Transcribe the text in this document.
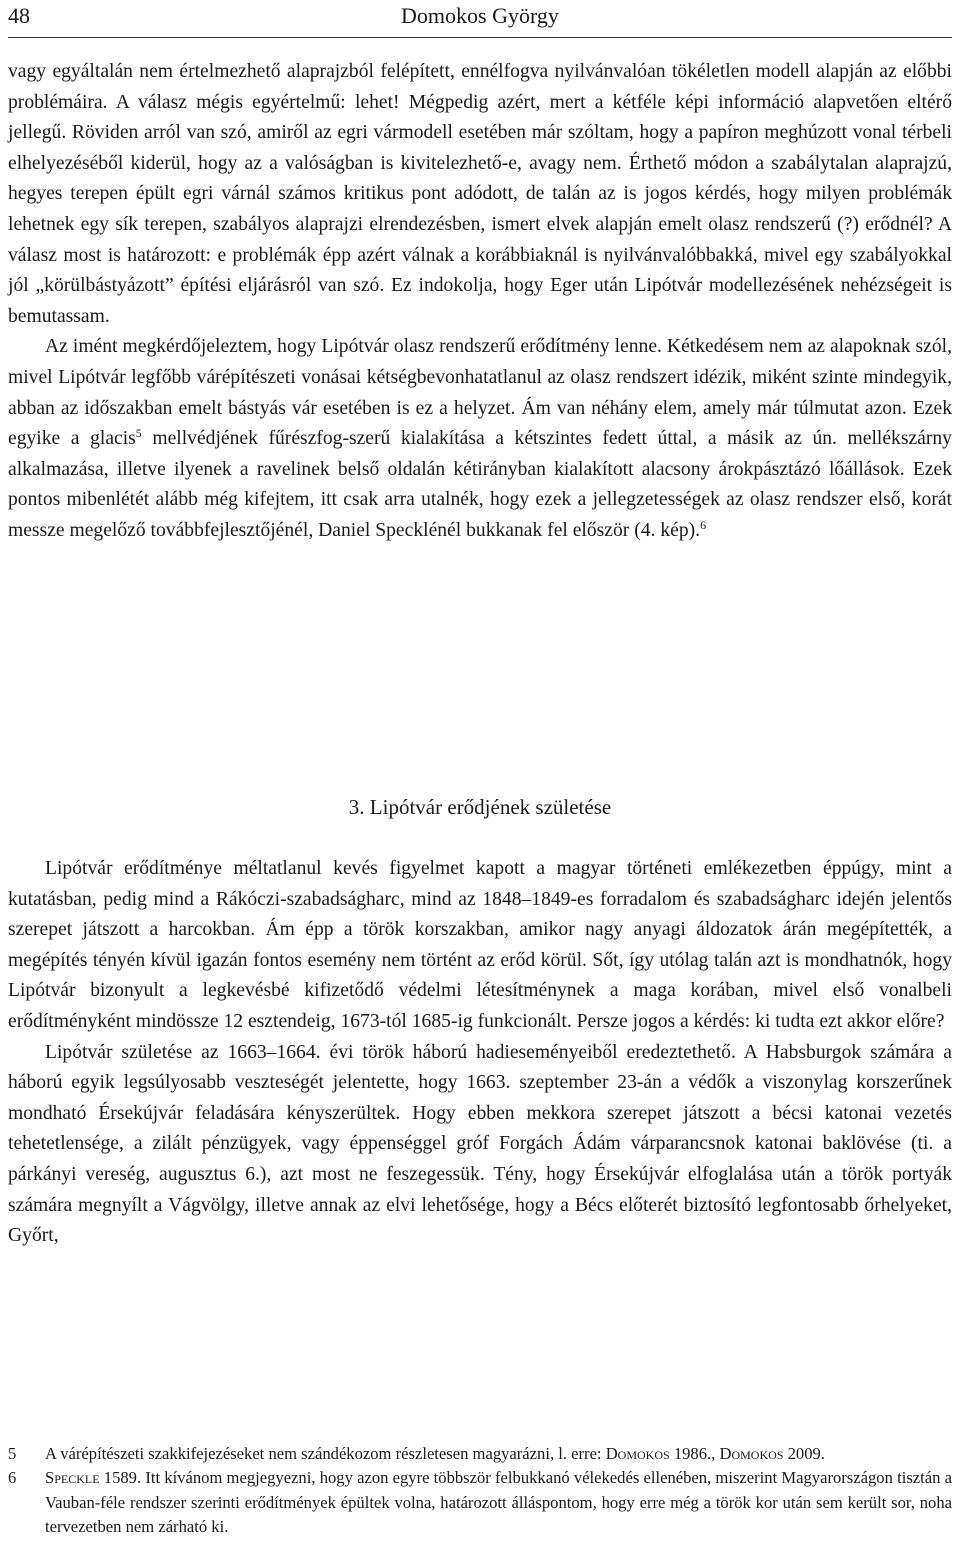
48	Domokos György

vagy egyáltalán nem értelmezhető alaprajzból felépített, ennélfogva nyilvánvalóan tökéletlen modell alapján az előbbi problémáira. A válasz mégis egyértelmű: lehet! Mégpedig azért, mert a kétféle képi információ alapvetően eltérő jellegű. Röviden arról van szó, amiről az egri vármodell esetében már szóltam, hogy a papíron meghúzott vonal térbeli elhelyezéséből kiderül, hogy az a valóságban is kivitelezhető-e, avagy nem. Érthető módon a szabálytalan alaprajzú, hegyes terepen épült egri várnál számos kritikus pont adódott, de talán az is jogos kérdés, hogy milyen problémák lehetnek egy sík terepen, szabályos alaprajzi elrendezésben, ismert elvek alapján emelt olasz rendszerű (?) erődnél? A válasz most is határozott: e problémák épp azért válnak a korábbiaknál is nyilvánvalóbbakká, mivel egy szabályokkal jól „körülbástyázott” építési eljárásról van szó. Ez indokolja, hogy Eger után Lipótvár modellezésének nehézségeit is bemutassam.

Az imént megkérdőjeleztem, hogy Lipótvár olasz rendszerű erődítmény lenne. Kétkedésem nem az alapoknak szól, mivel Lipótvár legfőbb várépítészeti vonásai kétségbevonhatatlanul az olasz rendszert idézik, miként szinte mindegyik, abban az időszakban emelt bástyás vár esetében is ez a helyzet. Ám van néhány elem, amely már túlmutat azon. Ezek egyike a glacis$^5$ mellvédjének fűrészfog-szerű kialakítása a kétszintes fedett úttal, a másik az ún. mellékszárny alkalmazása, illetve ilyenek a ravelinek belső oldalán kétirányban kialakított alacsony árokpásztázó lőállások. Ezek pontos mibenlétét alább még kifejtem, itt csak arra utalnék, hogy ezek a jellegzetességek az olasz rendszer első, korát messze megelőző továbbfejlesztőjénél, Daniel Specklénél bukkanak fel először (4. kép).$^6$

3. Lipótvár erődjének születése

Lipótvár erődítménye méltatlanul kevés figyelmet kapott a magyar történeti emlékezetben éppúgy, mint a kutatásban, pedig mind a Rákóczi-szabadságharc, mind az 1848–1849-es forradalom és szabadságharc idején jelentős szerepet játszott a harcokban. Ám épp a török korszakban, amikor nagy anyagi áldozatok árán megépítették, a megépítés tényén kívül igazán fontos esemény nem történt az erőd körül. Sőt, így utólag talán azt is mondhatnók, hogy Lipótvár bizonyult a legkevésbé kifizetődő védelmi létesítménynek a maga korában, mivel első vonalbeli erődítményként mindössze 12 esztendeig, 1673-tól 1685-ig funkcionált. Persze jogos a kérdés: ki tudta ezt akkor előre?

Lipótvár születése az 1663–1664. évi török háború hadieseményeiből eredeztethető. A Habsburgok számára a háború egyik legsúlyosabb veszteségét jelentette, hogy 1663. szeptember 23-án a védők a viszonylag korszerűnek mondható Érsekújvár feladására kényszerültek. Hogy ebben mekkora szerepet játszott a bécsi katonai vezetés tehetetlensége, a zilált pénzügyek, vagy éppenséggel gróf Forgách Ádám várparancsnok katonai baklövése (ti. a párkányi vereség, augusztus 6.), azt most ne feszegessük. Tény, hogy Érsekújvár elfoglalása után a török portyák számára megnyílt a Vágvölgy, illetve annak az elvi lehetősége, hogy a Bécs előterét biztosító legfontosabb őrhelyeket, Győrt,

5 A várépítészeti szakkifejezéseket nem szándékozom részletesen magyarázni, l. erre: Domokos 1986., Domokos 2009.

6 Speckle 1589. Itt kívánom megjegyezni, hogy azon egyre többször felbukkanó vélekedés ellenében, miszerint Magyarországon tisztán a Vauban-féle rendszer szerinti erődítmények épültek volna, határozott álláspontom, hogy erre még a török kor után sem került sor, noha tervezetben nem zárható ki.
